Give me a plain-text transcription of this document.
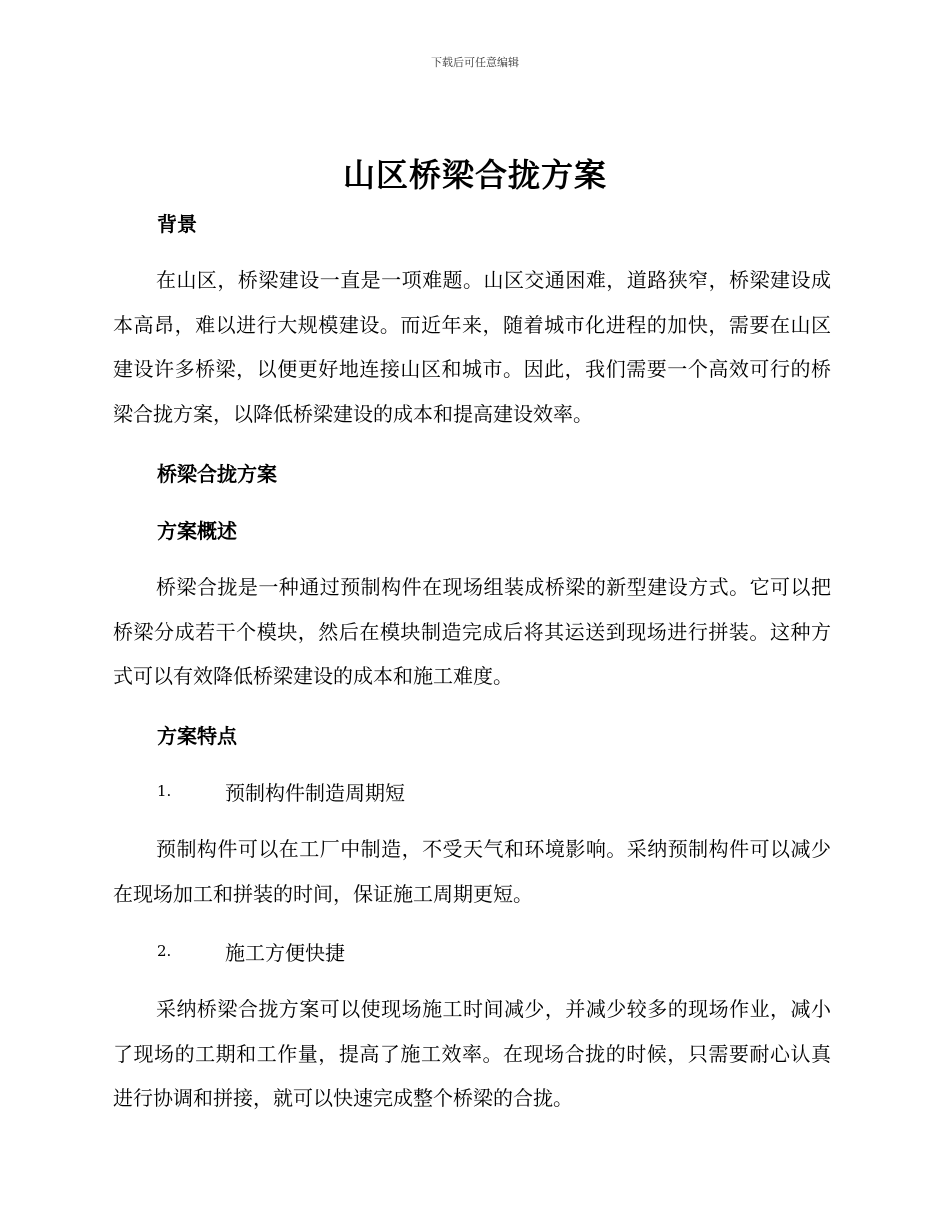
下载后可任意编辑
山区桥梁合拢方案
背景
在山区，桥梁建设一直是一项难题。山区交通困难，道路狭窄，桥梁建设成本高昂，难以进行大规模建设。而近年来，随着城市化进程的加快，需要在山区建设许多桥梁，以便更好地连接山区和城市。因此，我们需要一个高效可行的桥梁合拢方案，以降低桥梁建设的成本和提高建设效率。
桥梁合拢方案
方案概述
桥梁合拢是一种通过预制构件在现场组装成桥梁的新型建设方式。它可以把桥梁分成若干个模块，然后在模块制造完成后将其运送到现场进行拼装。这种方式可以有效降低桥梁建设的成本和施工难度。
方案特点
1.	预制构件制造周期短
预制构件可以在工厂中制造，不受天气和环境影响。采纳预制构件可以减少在现场加工和拼装的时间，保证施工周期更短。
2.	施工方便快捷
采纳桥梁合拢方案可以使现场施工时间减少，并减少较多的现场作业，减小了现场的工期和工作量，提高了施工效率。在现场合拢的时候，只需要耐心认真进行协调和拼接，就可以快速完成整个桥梁的合拢。
